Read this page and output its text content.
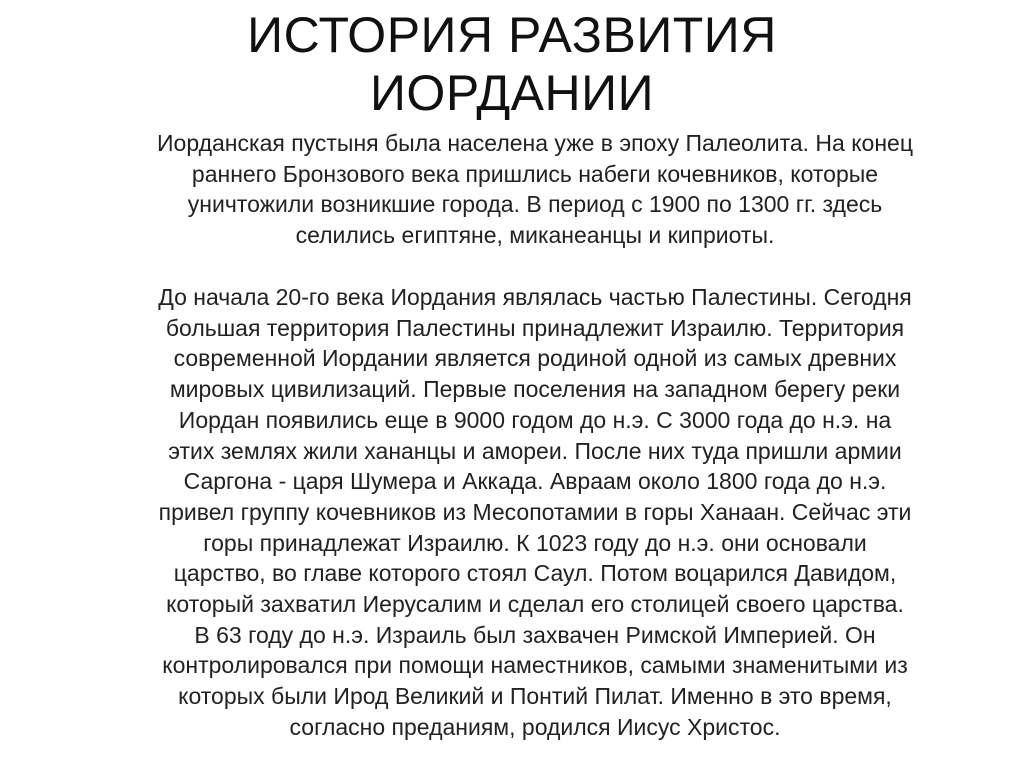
ИСТОРИЯ РАЗВИТИЯ
ИОРДАНИИ
Иорданская пустыня была населена уже в эпоху Палеолита. На конец
раннего Бронзового века пришлись набеги кочевников, которые
уничтожили возникшие города. В период с 1900 по 1300 гг. здесь
селились египтяне, миканеанцы и киприоты.
До начала 20-го века Иордания являлась частью Палестины. Сегодня
большая территория Палестины принадлежит Израилю. Территория
современной Иордании является родиной одной из самых древних
мировых цивилизаций. Первые поселения на западном берегу реки
Иордан появились еще в 9000 годом до н.э. С 3000 года до н.э. на
этих землях жили хананцы и амореи. После них туда пришли армии
Саргона - царя Шумера и Аккада. Авраам около 1800 года до н.э.
привел группу кочевников из Месопотамии в горы Ханаан. Сейчас эти
горы принадлежат Израилю. К 1023 году до н.э. они основали
царство, во главе которого стоял Саул. Потом воцарился Давидом,
который захватил Иерусалим и сделал его столицей своего царства.
В 63 году до н.э. Израиль был захвачен Римской Империей. Он
контролировался при помощи наместников, самыми знаменитыми из
которых были Ирод Великий и Понтий Пилат. Именно в это время,
согласно преданиям, родился Иисус Христос.
